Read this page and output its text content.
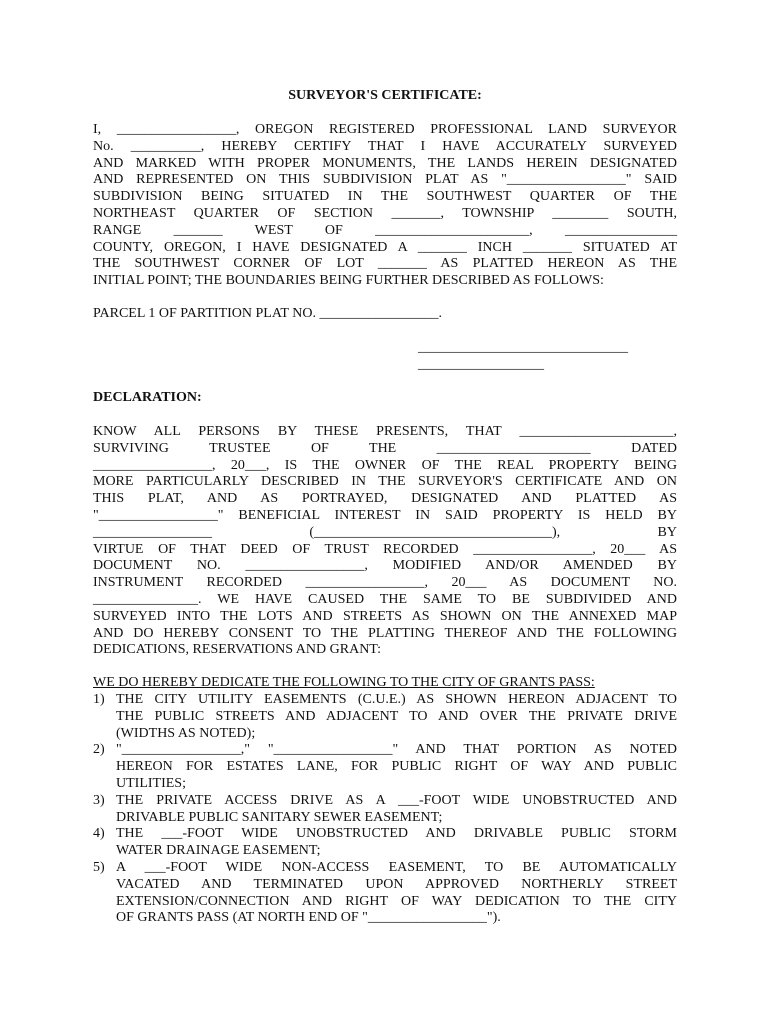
SURVEYOR'S CERTIFICATE:
I, _________________, OREGON REGISTERED PROFESSIONAL LAND SURVEYOR
No. __________, HEREBY CERTIFY THAT I HAVE ACCURATELY SURVEYED
AND MARKED WITH PROPER MONUMENTS, THE LANDS HEREIN DESIGNATED
AND REPRESENTED ON THIS SUBDIVISION PLAT AS "_________________" SAID
SUBDIVISION BEING SITUATED IN THE SOUTHWEST QUARTER OF THE
NORTHEAST QUARTER OF SECTION _______, TOWNSHIP ________ SOUTH,
RANGE _______ WEST OF ______________________, ________________
COUNTY, OREGON, I HAVE DESIGNATED A _______ INCH _______ SITUATED AT
THE SOUTHWEST CORNER OF LOT _______ AS PLATTED HEREON AS THE
INITIAL POINT; THE BOUNDARIES BEING FURTHER DESCRIBED AS FOLLOWS:
PARCEL 1 OF PARTITION PLAT NO. _________________.
______________________________
__________________
DECLARATION:
KNOW ALL PERSONS BY THESE PRESENTS, THAT ______________________,
SURVIVING TRUSTEE OF THE ______________________ DATED
_________________, 20___, IS THE OWNER OF THE REAL PROPERTY BEING
MORE PARTICULARLY DESCRIBED IN THE SURVEYOR'S CERTIFICATE AND ON
THIS PLAT, AND AS PORTRAYED, DESIGNATED AND PLATTED AS
"_________________" BENEFICIAL INTEREST IN SAID PROPERTY IS HELD BY
_________________ (__________________________________), BY
VIRTUE OF THAT DEED OF TRUST RECORDED _________________, 20___ AS
DOCUMENT NO. _________________, MODIFIED AND/OR AMENDED BY
INSTRUMENT RECORDED _________________, 20___ AS DOCUMENT NO.
_______________. WE HAVE CAUSED THE SAME TO BE SUBDIVIDED AND
SURVEYED INTO THE LOTS AND STREETS AS SHOWN ON THE ANNEXED MAP
AND DO HEREBY CONSENT TO THE PLATTING THEREOF AND THE FOLLOWING
DEDICATIONS, RESERVATIONS AND GRANT:
WE DO HEREBY DEDICATE THE FOLLOWING TO THE CITY OF GRANTS PASS:
1) THE CITY UTILITY EASEMENTS (C.U.E.) AS SHOWN HEREON ADJACENT TO
THE PUBLIC STREETS AND ADJACENT TO AND OVER THE PRIVATE DRIVE
(WIDTHS AS NOTED);
2) "_________________," "_________________" AND THAT PORTION AS NOTED
HEREON FOR ESTATES LANE, FOR PUBLIC RIGHT OF WAY AND PUBLIC
UTILITIES;
3) THE PRIVATE ACCESS DRIVE AS A ___-FOOT WIDE UNOBSTRUCTED AND
DRIVABLE PUBLIC SANITARY SEWER EASEMENT;
4) THE ___-FOOT WIDE UNOBSTRUCTED AND DRIVABLE PUBLIC STORM
WATER DRAINAGE EASEMENT;
5) A ___-FOOT WIDE NON-ACCESS EASEMENT, TO BE AUTOMATICALLY
VACATED AND TERMINATED UPON APPROVED NORTHERLY STREET
EXTENSION/CONNECTION AND RIGHT OF WAY DEDICATION TO THE CITY
OF GRANTS PASS (AT NORTH END OF "_________________").
